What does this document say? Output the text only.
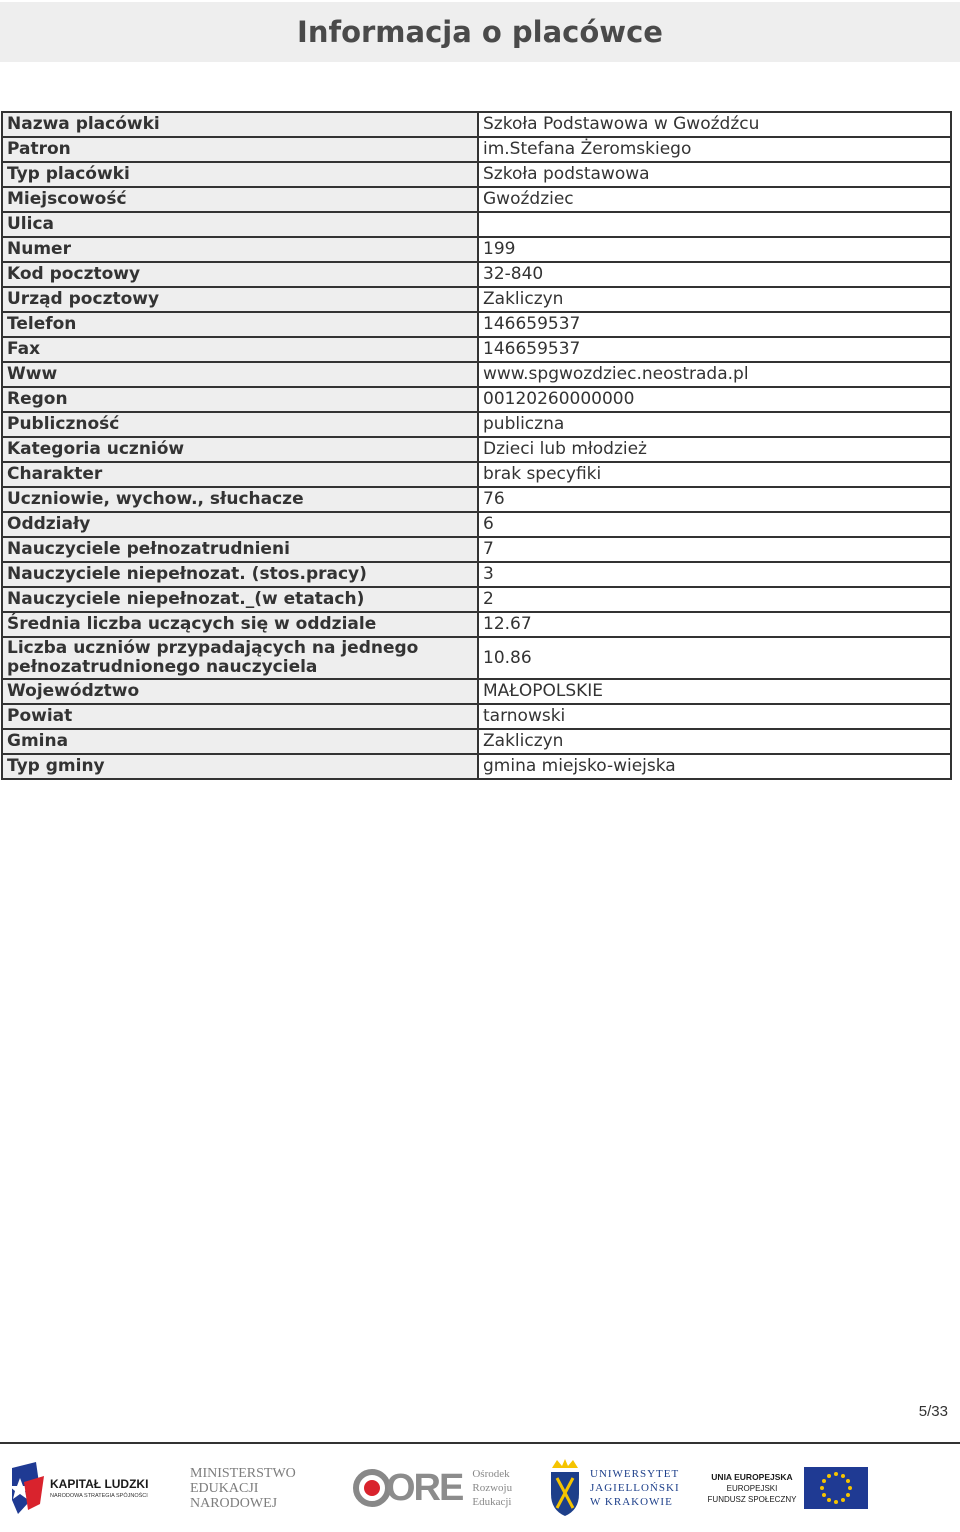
Informacja o placówce
Nazwa placówki	Szkoła Podstawowa w Gwoźdźcu
Patron	im.Stefana Żeromskiego
Typ placówki	Szkoła podstawowa
Miejscowość	Gwoździec
Ulica	
Numer	199
Kod pocztowy	32-840
Urząd pocztowy	Zakliczyn
Telefon	146659537
Fax	146659537
Www	www.spgwozdziec.neostrada.pl
Regon	00120260000000
Publiczność	publiczna
Kategoria uczniów	Dzieci lub młodzież
Charakter	brak specyfiki
Uczniowie, wychow., słuchacze	76
Oddziały	6
Nauczyciele pełnozatrudnieni	7
Nauczyciele niepełnozat. (stos.pracy)	3
Nauczyciele niepełnozat._(w etatach)	2
Średnia liczba uczących się w oddziale	12.67
Liczba uczniów przypadających na jednego pełnozatrudnionego nauczyciela	10.86
Województwo	MAŁOPOLSKIE
Powiat	tarnowski
Gmina	Zakliczyn
Typ gminy	gmina miejsko-wiejska
5/33
KAPITAŁ LUDZKI
NARODOWA STRATEGIA SPÓJNOŚCI
MINISTERSTWO
EDUKACJI
NARODOWEJ	ORE Ośrodek
Rozwoju
Edukacji
UNIWERSYTET
JAGIELLOŃSKI
W KRAKOWIE
UNIA EUROPEJSKA
EUROPEJSKI
FUNDUSZ SPOŁECZNY
